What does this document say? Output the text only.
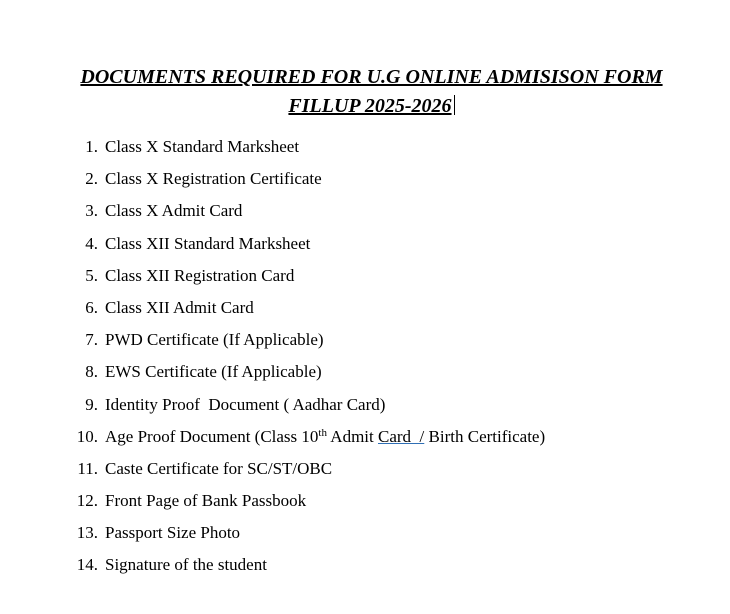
DOCUMENTS REQUIRED FOR U.G ONLINE ADMISISON FORM

FILLUP 2025-2026

1. Class X Standard Marksheet
2. Class X Registration Certificate
3. Class X Admit Card
4. Class XII Standard Marksheet
5. Class XII Registration Card
6. Class XII Admit Card
7. PWD Certificate (If Applicable)
8. EWS Certificate (If Applicable)
9. Identity Proof  Document ( Aadhar Card)
10. Age Proof Document (Class 10th Admit Card  / Birth Certificate)
11. Caste Certificate for SC/ST/OBC
12. Front Page of Bank Passbook
13. Passport Size Photo
14. Signature of the student
